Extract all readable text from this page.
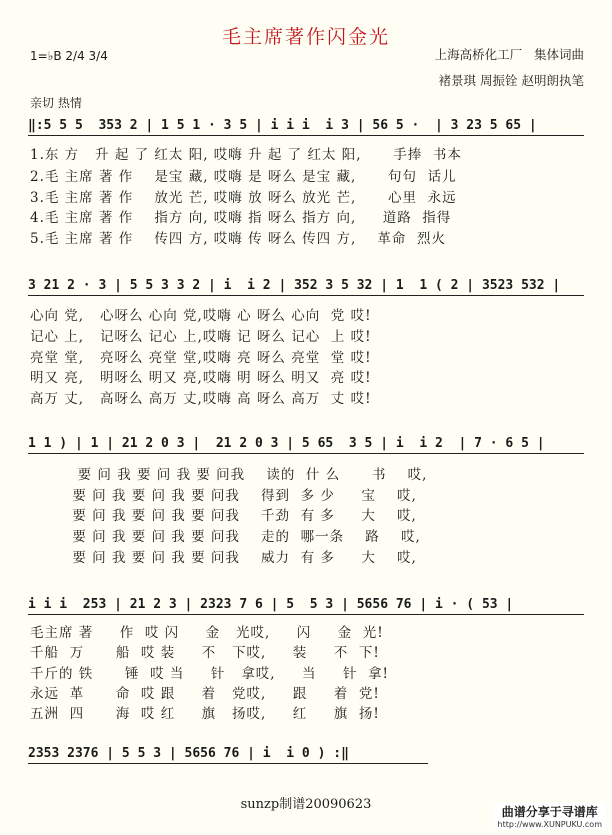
毛主席著作闪金光
1=♭B 2/4 3/4	上海高桥化工厂   集体词曲
褚景琪 周振铨 赵明朗执笔
亲切 热情
‖:5 5 5  353 2 | 1 5 1 · 3 5 | i i i  i 3 | 56 5 ·  | 3 23 5 65 |
1.东 方   升 起 了 红太 阳, 哎嗨 升 起 了 红太 阳,      手捧  书本
2.毛 主席 著 作    是宝 藏, 哎嗨 是 呀么 是宝 藏,      句句  话儿
3.毛 主席 著 作    放光 芒, 哎嗨 放 呀么 放光 芒,      心里  永远
4.毛 主席 著 作    指方 向, 哎嗨 指 呀么 指方 向,     道路  指得
5.毛 主席 著 作    传四 方, 哎嗨 传 呀么 传四 方,    革命  烈火
3 21 2 · 3 | 5 5 3 3 2 | i  i 2 | 352 3 5 32 | 1  1 ( 2 | 3523 532 |
心向 党,   心呀么 心向 党,哎嗨 心 呀么 心向  党 哎!
记心 上,   记呀么 记心 上,哎嗨 记 呀么 记心  上 哎!
亮堂 堂,   亮呀么 亮堂 堂,哎嗨 亮 呀么 亮堂  堂 哎!
明又 亮,   明呀么 明又 亮,哎嗨 明 呀么 明又  亮 哎!
高万 丈,   高呀么 高万 丈,哎嗨 高 呀么 高万  丈 哎!
1 1 ) | 1 | 21 2 0 3 |  21 2 0 3 | 5 65  3 5 | i  i 2  | 7 · 6 5 |
要 问 我 要 问 我 要 问我    读的  什 么      书    哎,
要 问 我 要 问 我 要 问我    得到  多 少     宝    哎,
要 问 我 要 问 我 要 问我    千劲  有 多     大    哎,
要 问 我 要 问 我 要 问我    走的  哪一条    路    哎,
要 问 我 要 问 我 要 问我    威力  有 多     大    哎,
i i i  253 | 21 2 3 | 2323 7 6 | 5  5 3 | 5656 76 | i · ( 53 |
毛主席 著     作  哎 闪     金   光哎,     闪     金  光!
千船  万      船  哎 装     不   下哎,     装     不  下!
千斤的 铁      锤  哎 当     针   拿哎,     当     针  拿!
永远  革      命  哎 跟     着   党哎,     跟     着  党!
五洲  四      海  哎 红     旗   扬哎,     红     旗  扬!
2353 2376 | 5 5 3 | 5656 76 | i  i 0 ) :‖
sunzp制谱20090623	曲谱分享于寻谱库
http://www.XUNPUKU.com
